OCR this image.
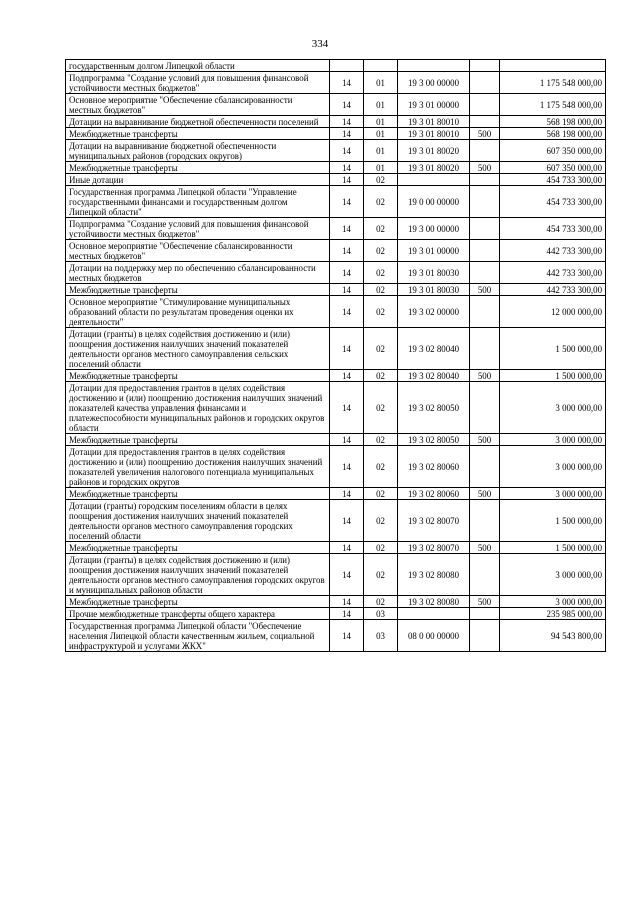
334
государственным долгом Липецкой области					
Подпрограмма "Создание условий для повышения финансовой устойчивости местных бюджетов"	14	01	19 3 00 00000		1 175 548 000,00
Основное мероприятие "Обеспечение сбалансированности местных бюджетов"	14	01	19 3 01 00000		1 175 548 000,00
Дотации на выравнивание бюджетной обеспеченности поселений	14	01	19 3 01 80010		568 198 000,00
Межбюджетные трансферты	14	01	19 3 01 80010	500	568 198 000,00
Дотации на выравнивание бюджетной обеспеченности муниципальных районов (городских округов)	14	01	19 3 01 80020		607 350 000,00
Межбюджетные трансферты	14	01	19 3 01 80020	500	607 350 000,00
Иные дотации	14	02			454 733 300,00
Государственная программа Липецкой области "Управление государственными финансами и государственным долгом Липецкой области"	14	02	19 0 00 00000		454 733 300,00
Подпрограмма "Создание условий для повышения финансовой устойчивости местных бюджетов"	14	02	19 3 00 00000		454 733 300,00
Основное мероприятие "Обеспечение сбалансированности местных бюджетов"	14	02	19 3 01 00000		442 733 300,00
Дотации на поддержку мер по обеспечению сбалансированности местных бюджетов	14	02	19 3 01 80030		442 733 300,00
Межбюджетные трансферты	14	02	19 3 01 80030	500	442 733 300,00
Основное мероприятие "Стимулирование муниципальных образований области по результатам проведения оценки их деятельности"	14	02	19 3 02 00000		12 000 000,00
Дотации (гранты) в целях содействия достижению и (или) поощрения достижения наилучших значений показателей деятельности органов местного самоуправления сельских поселений области	14	02	19 3 02 80040		1 500 000,00
Межбюджетные трансферты	14	02	19 3 02 80040	500	1 500 000,00
Дотации для предоставления грантов в целях содействия достижению и (или) поощрению достижения наилучших значений показателей качества управления финансами и платежеспособности муниципальных районов и городских округов области	14	02	19 3 02 80050		3 000 000,00
Межбюджетные трансферты	14	02	19 3 02 80050	500	3 000 000,00
Дотации для предоставления грантов в целях содействия достижению и (или) поощрению достижения наилучших значений показателей увеличения налогового потенциала муниципальных районов и городских округов	14	02	19 3 02 80060		3 000 000,00
Межбюджетные трансферты	14	02	19 3 02 80060	500	3 000 000,00
Дотации (гранты) городским поселениям области в целях поощрения достижения наилучших значений показателей деятельности органов местного самоуправления городских поселений области	14	02	19 3 02 80070		1 500 000,00
Межбюджетные трансферты	14	02	19 3 02 80070	500	1 500 000,00
Дотации (гранты) в целях содействия достижению и (или) поощрения достижения наилучших значений показателей деятельности органов местного самоуправления городских округов и муниципальных районов области	14	02	19 3 02 80080		3 000 000,00
Межбюджетные трансферты	14	02	19 3 02 80080	500	3 000 000,00
Прочие межбюджетные трансферты общего характера	14	03			235 985 000,00
Государственная программа Липецкой области "Обеспечение населения Липецкой области качественным жильем, социальной инфраструктурой и услугами ЖКХ"	14	03	08 0 00 00000		94 543 800,00
